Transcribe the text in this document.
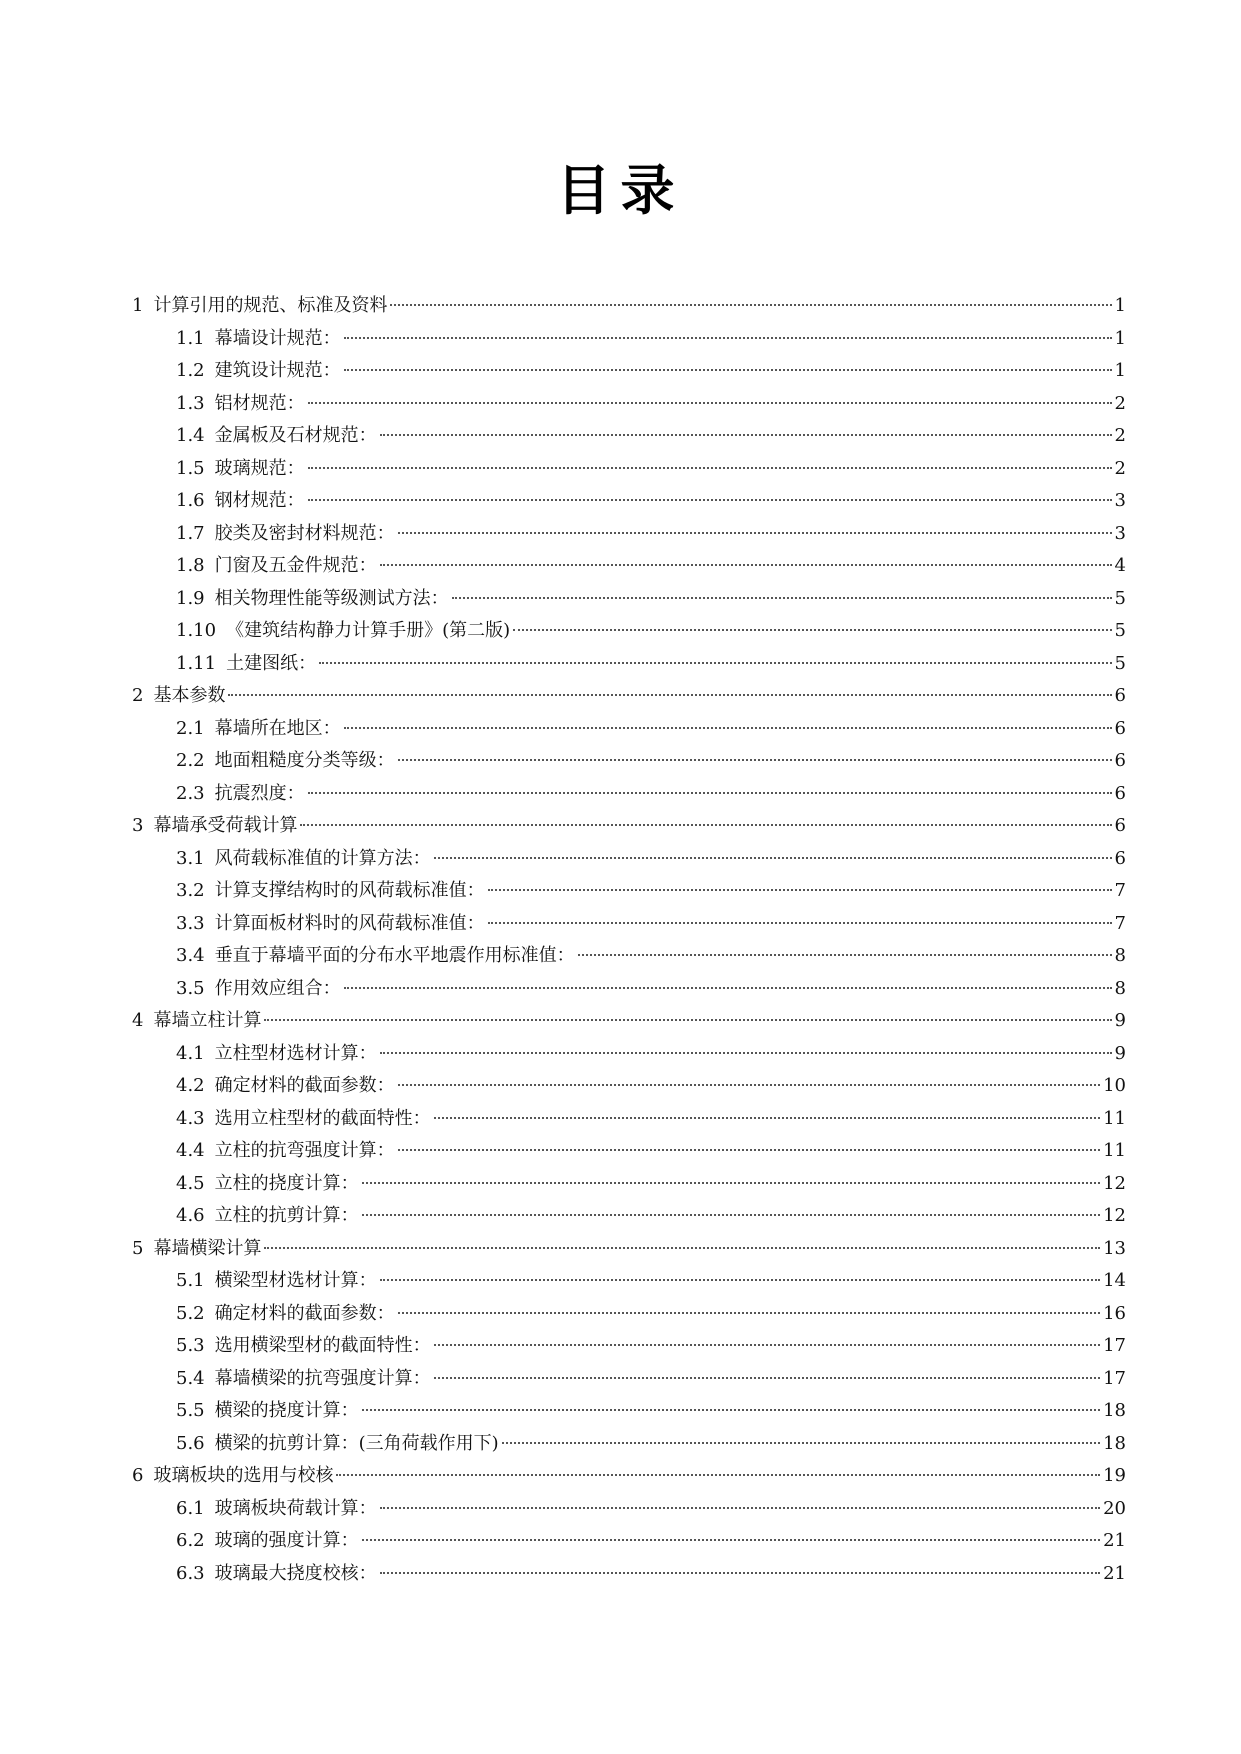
目录
1 计算引用的规范、标准及资料	1
1.1 幕墙设计规范：	1
1.2 建筑设计规范：	1
1.3 铝材规范：	2
1.4 金属板及石材规范：	2
1.5 玻璃规范：	2
1.6 钢材规范：	3
1.7 胶类及密封材料规范：	3
1.8 门窗及五金件规范：	4
1.9 相关物理性能等级测试方法：	5
1.10 《建筑结构静力计算手册》(第二版)	5
1.11 土建图纸：	5
2 基本参数	6
2.1 幕墙所在地区：	6
2.2 地面粗糙度分类等级：	6
2.3 抗震烈度：	6
3 幕墙承受荷载计算	6
3.1 风荷载标准值的计算方法：	6
3.2 计算支撑结构时的风荷载标准值：	7
3.3 计算面板材料时的风荷载标准值：	7
3.4 垂直于幕墙平面的分布水平地震作用标准值：	8
3.5 作用效应组合：	8
4 幕墙立柱计算	9
4.1 立柱型材选材计算：	9
4.2 确定材料的截面参数：	10
4.3 选用立柱型材的截面特性：	11
4.4 立柱的抗弯强度计算：	11
4.5 立柱的挠度计算：	12
4.6 立柱的抗剪计算：	12
5 幕墙横梁计算	13
5.1 横梁型材选材计算：	14
5.2 确定材料的截面参数：	16
5.3 选用横梁型材的截面特性：	17
5.4 幕墙横梁的抗弯强度计算：	17
5.5 横梁的挠度计算：	18
5.6 横梁的抗剪计算：(三角荷载作用下)	18
6 玻璃板块的选用与校核	19
6.1 玻璃板块荷载计算：	20
6.2 玻璃的强度计算：	21
6.3 玻璃最大挠度校核：	21
